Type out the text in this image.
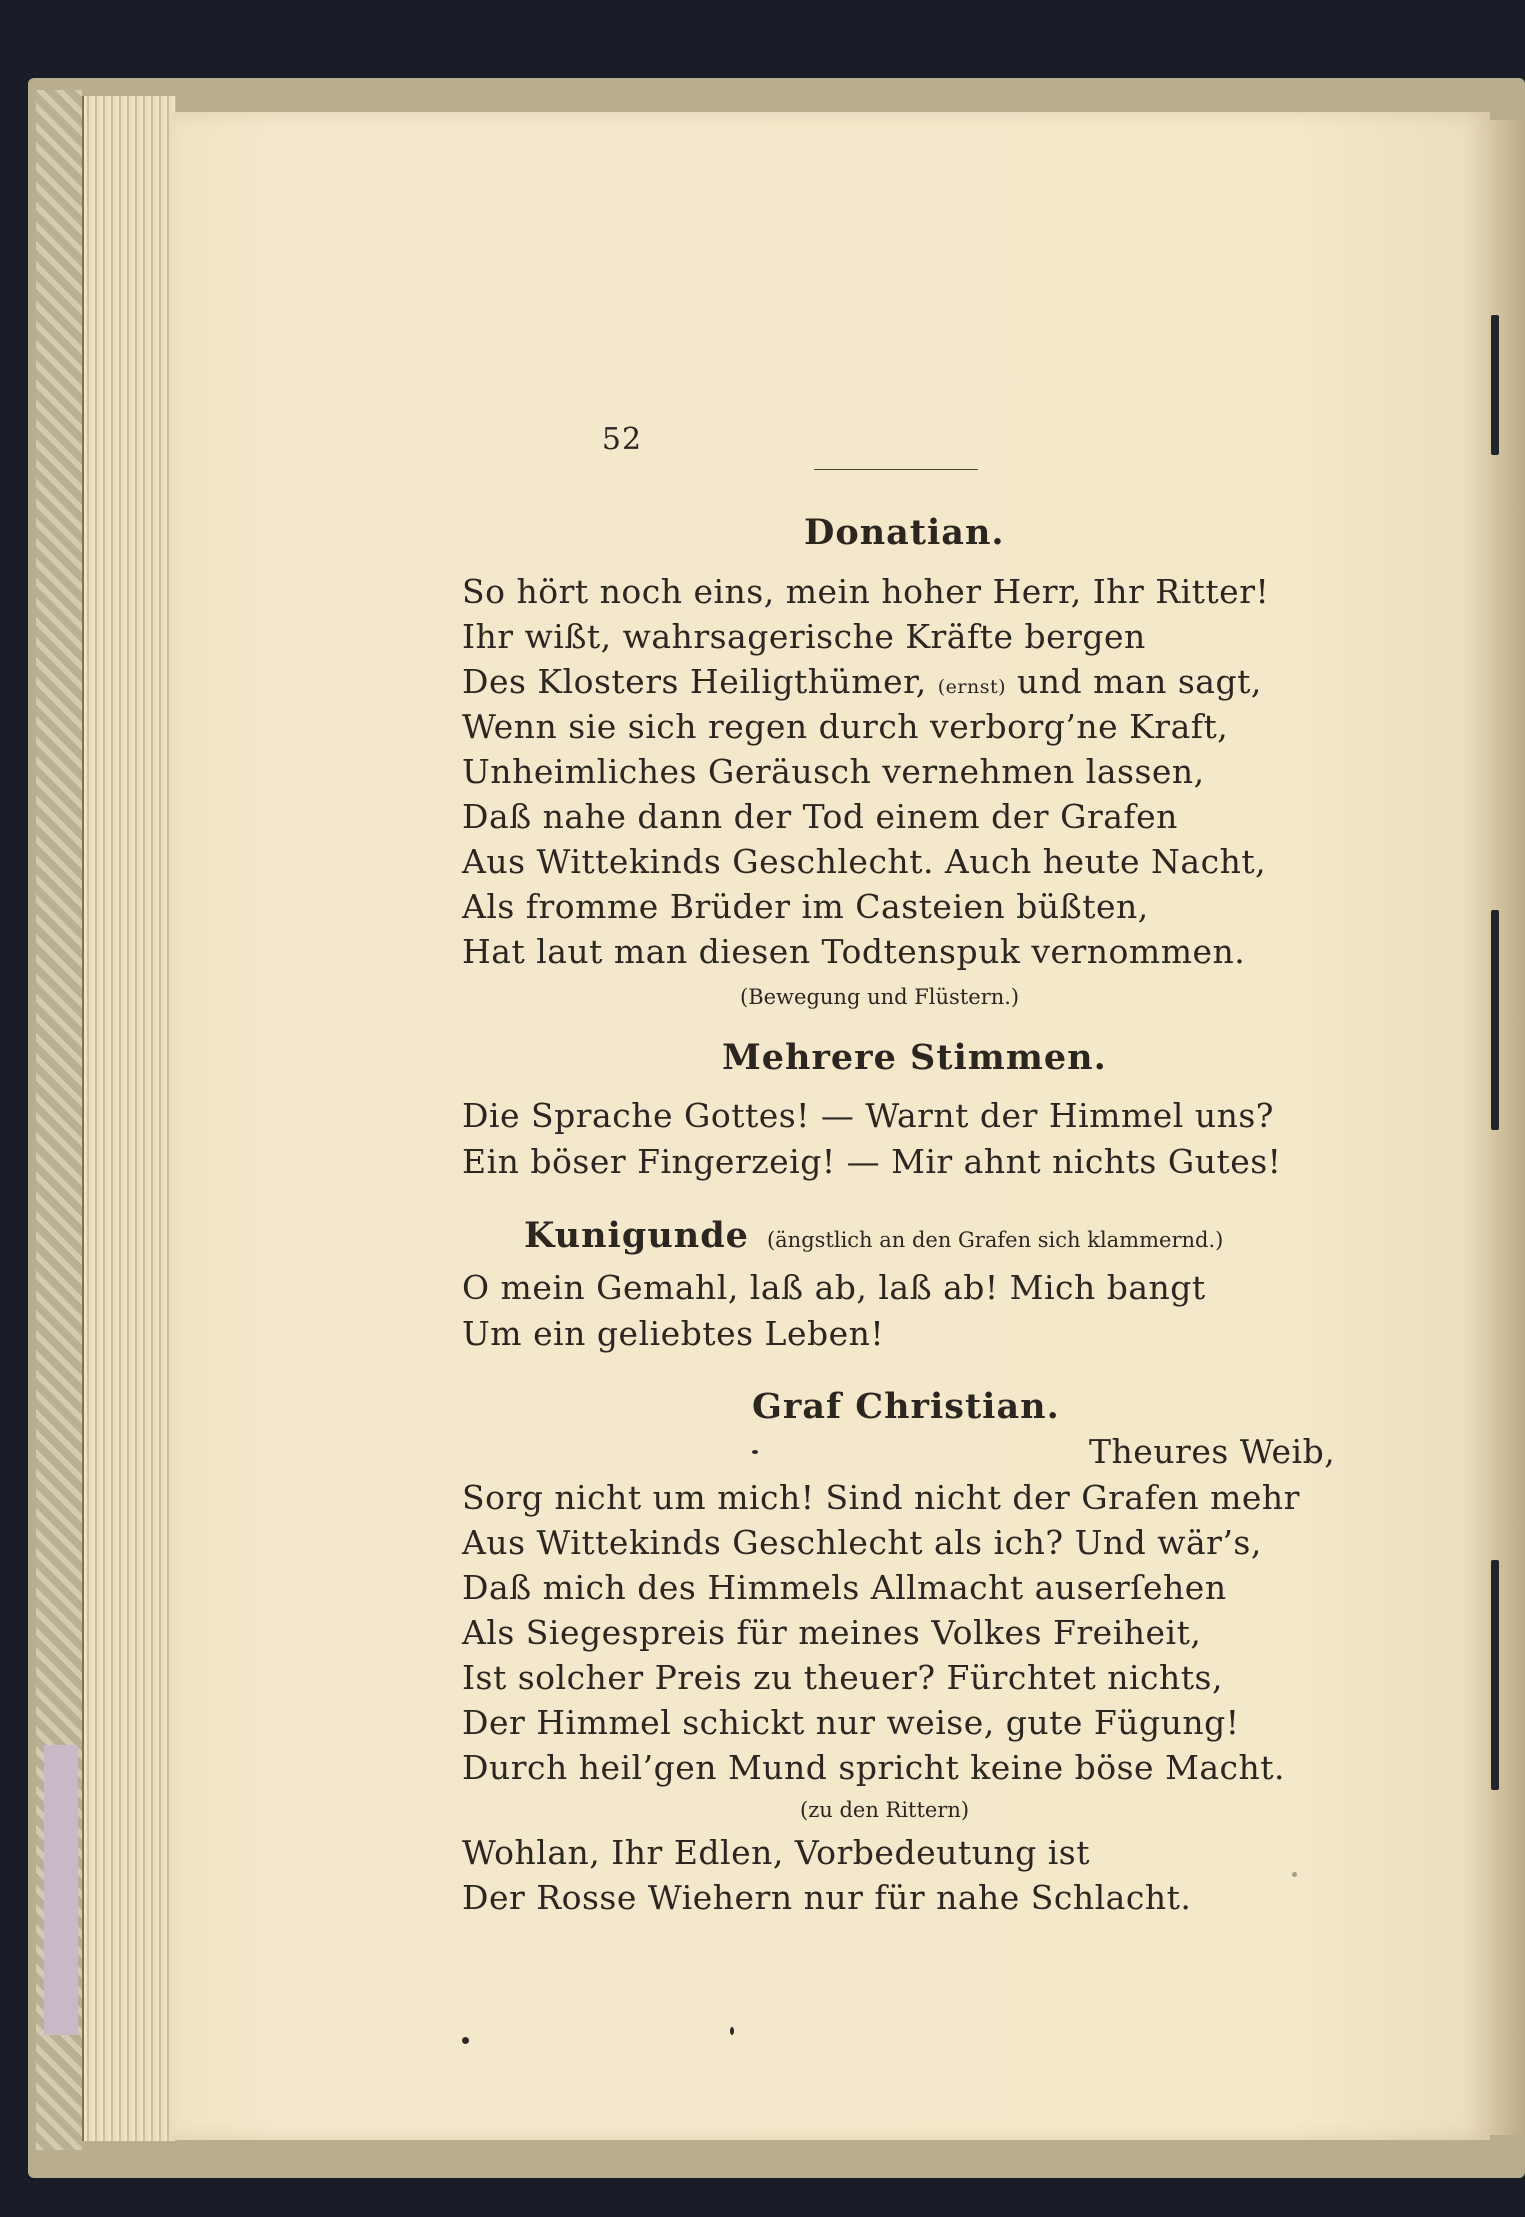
52
Donatian.
So hört noch eins, mein hoher Herr, Ihr Ritter!
Ihr wißt, wahrsagerische Kräfte bergen
Des Klosters Heiligthümer, (ernst) und man sagt,
Wenn sie sich regen durch verborg’ne Kraft,
Unheimliches Geräusch vernehmen lassen,
Daß nahe dann der Tod einem der Grafen
Aus Wittekinds Geschlecht. Auch heute Nacht,
Als fromme Brüder im Casteien büßten,
Hat laut man diesen Todtenspuk vernommen.
(Bewegung und Flüstern.)
Mehrere Stimmen.
Die Sprache Gottes! — Warnt der Himmel uns?
Ein böser Fingerzeig! — Mir ahnt nichts Gutes!
Kunigunde (ängstlich an den Grafen sich klammernd.)
O mein Gemahl, laß ab, laß ab! Mich bangt
Um ein geliebtes Leben!
Graf Christian.
Theures Weib,
Sorg nicht um mich! Sind nicht der Grafen mehr
Aus Wittekinds Geschlecht als ich? Und wär’s,
Daß mich des Himmels Allmacht auserſehen
Als Siegespreis für meines Volkes Freiheit,
Ist solcher Preis zu theuer? Fürchtet nichts,
Der Himmel schickt nur weise, gute Fügung!
Durch heil’gen Mund spricht keine böse Macht.
(zu den Rittern)
Wohlan, Ihr Edlen, Vorbedeutung ist
Der Rosse Wiehern nur für nahe Schlacht.
